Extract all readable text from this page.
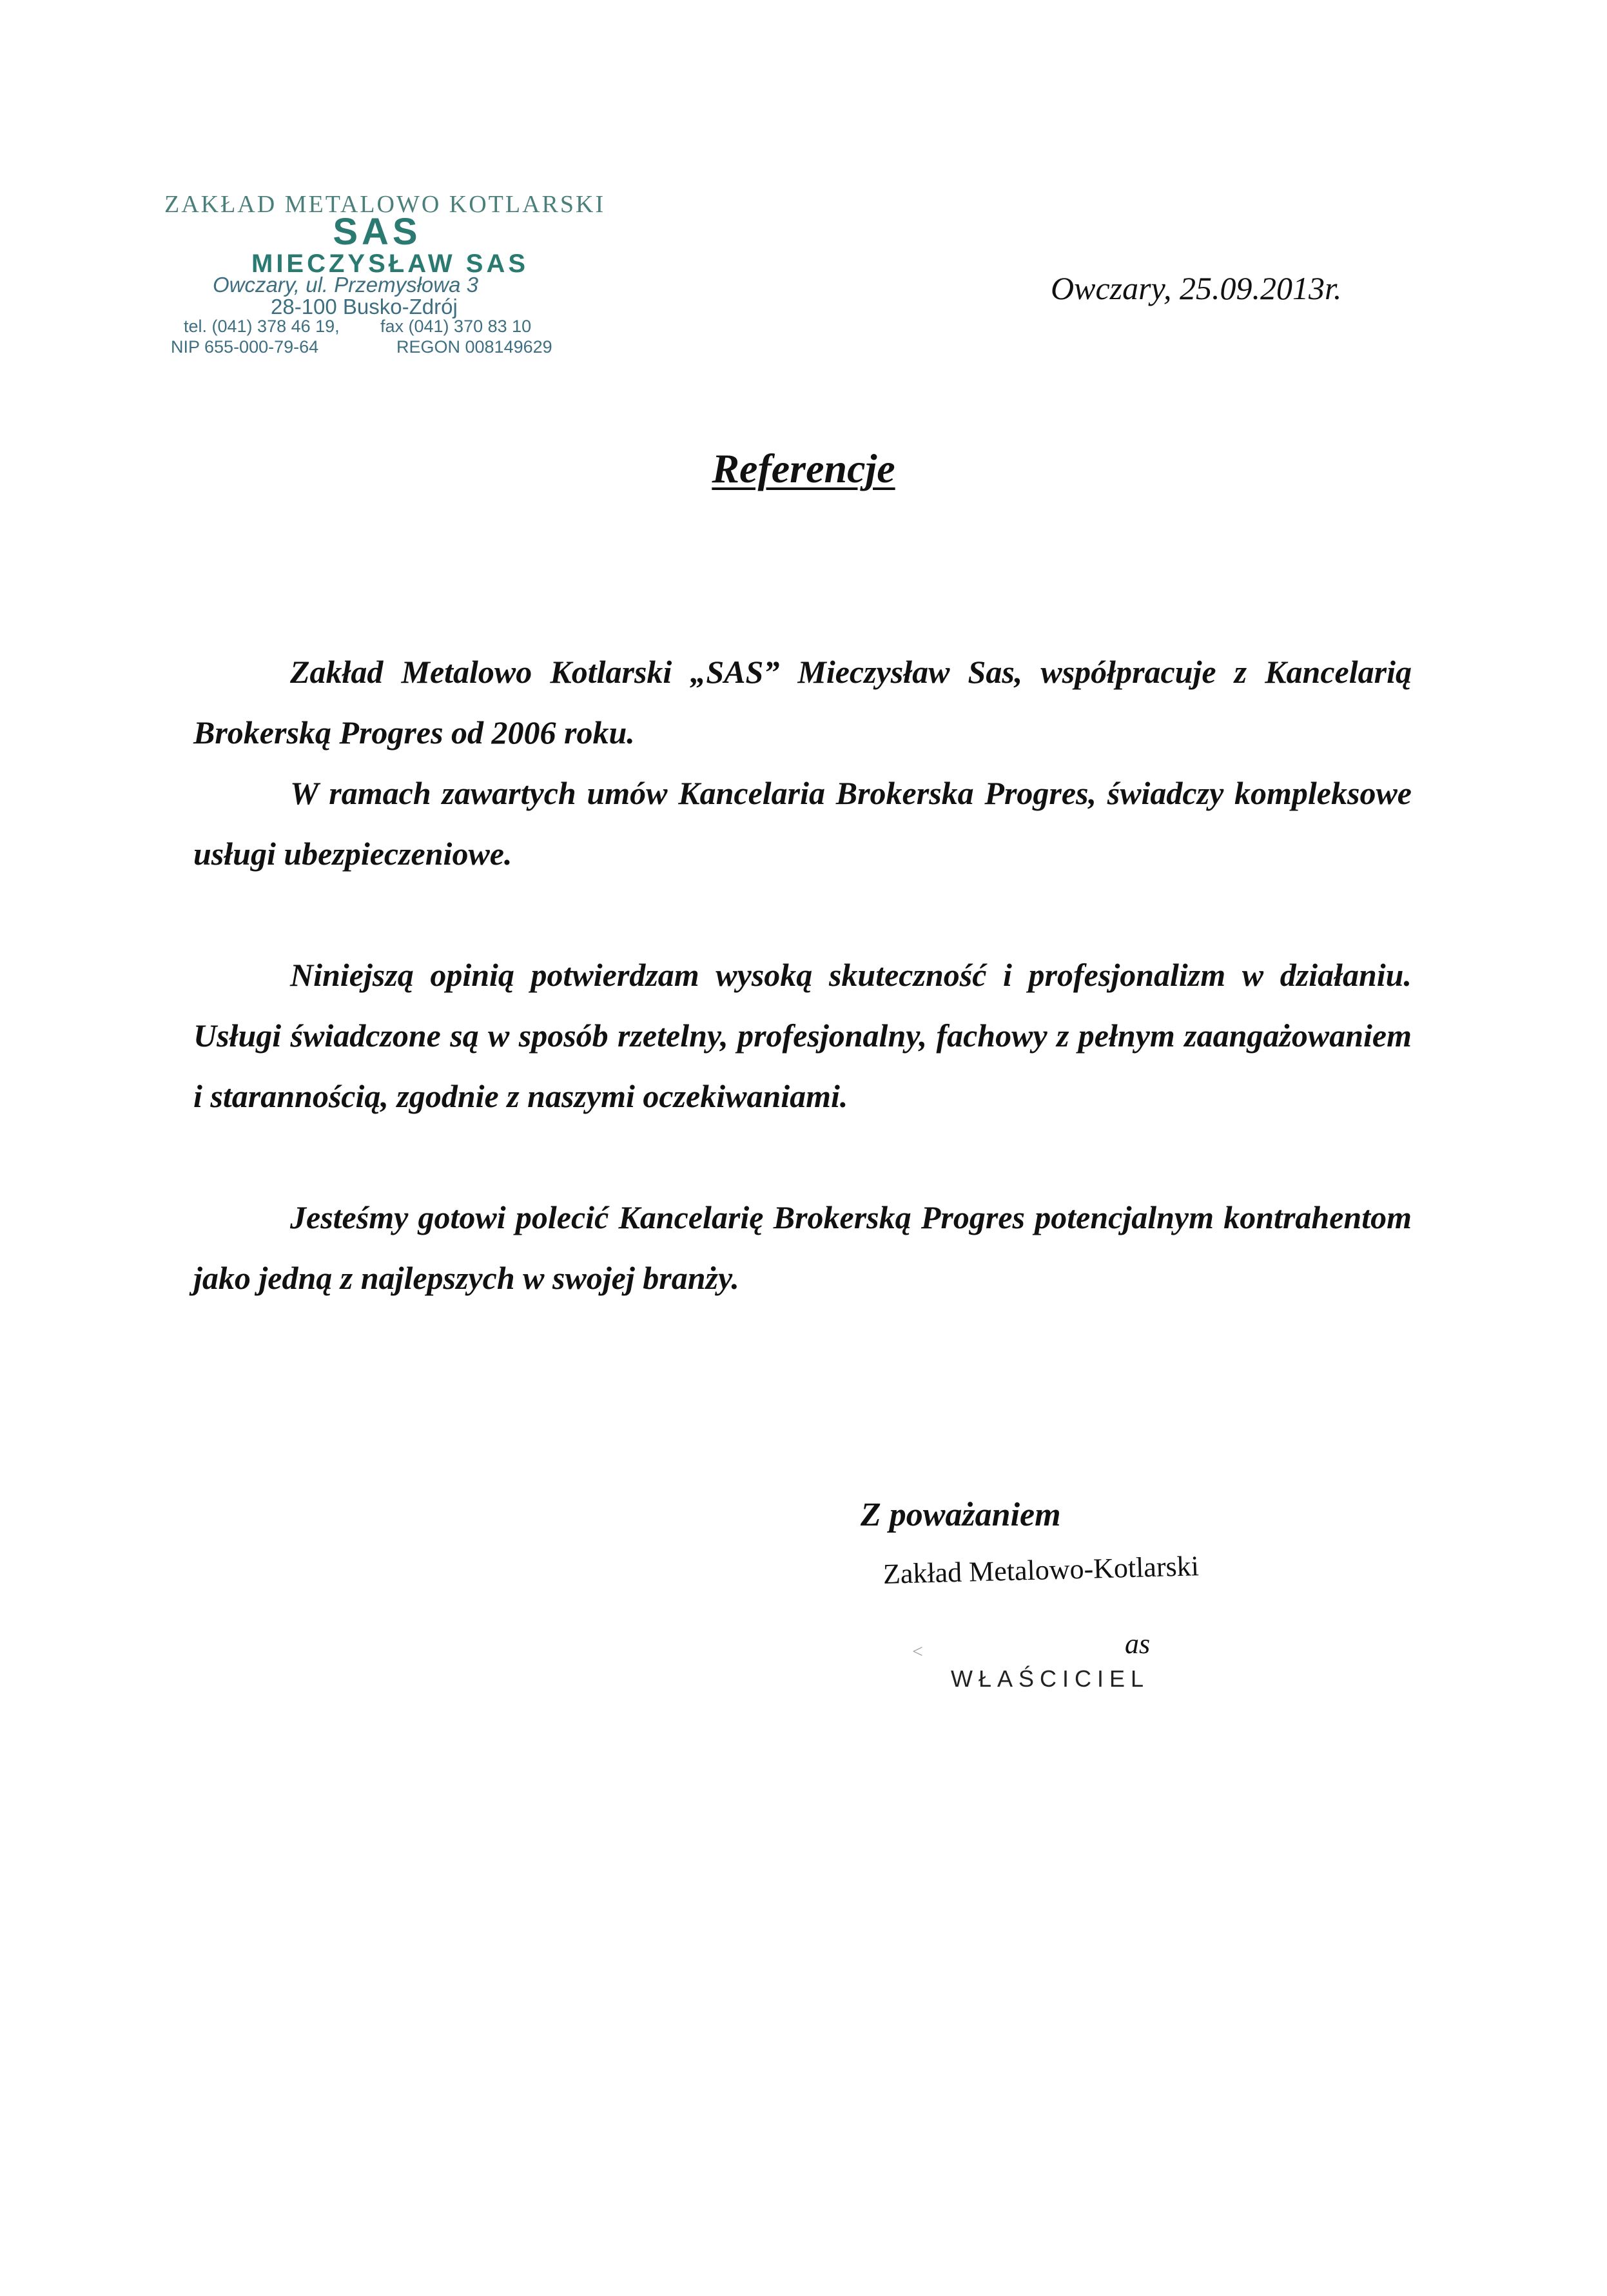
ZAKŁAD METALOWO KOTLARSKI
SAS
MIECZYSŁAW SAS
Owczary, ul. Przemysłowa 3
28-100 Busko-Zdrój
tel. (041) 378 46 19, fax (041) 370 83 10
NIP 655-000-79-64	REGON 008149629
Owczary, 25.09.2013r.
Referencje

Zakład Metalowo Kotlarski „SAS” Mieczysław Sas, współpracuje z Kancelarią Brokerską Progres od 2006 roku.

W ramach zawartych umów Kancelaria Brokerska Progres, świadczy kompleksowe usługi ubezpieczeniowe.

Niniejszą opinią potwierdzam wysoką skuteczność i profesjonalizm w działaniu. Usługi świadczone są w sposób rzetelny, profesjonalny, fachowy z pełnym zaangażowaniem i starannością, zgodnie z naszymi oczekiwaniami.

Jesteśmy gotowi polecić Kancelarię Brokerską Progres potencjalnym kontrahentom jako jedną z najlepszych w swojej branży.

Z poważaniem
Zakład Metalowo-Kotlarski
<	as
WŁAŚCICIEL
